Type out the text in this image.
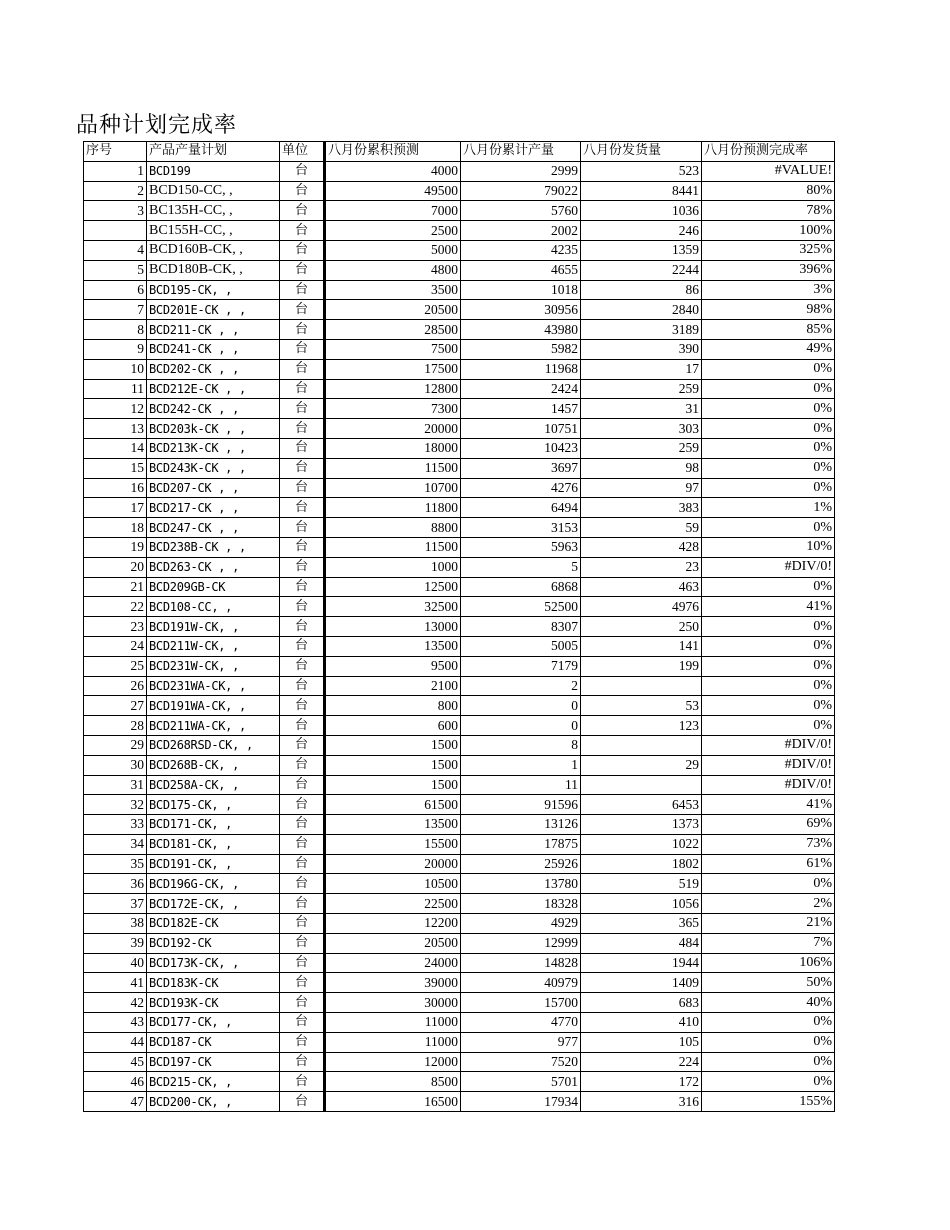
品种计划完成率
序号	产品产量计划	单位	八月份累积预测	八月份累计产量	八月份发货量	八月份预测完成率
1	BCD199	台	4000	2999	523	#VALUE!
2	BCD150-CC, ,	台	49500	79022	8441	80%
3	BC135H-CC, ,	台	7000	5760	1036	78%
	BC155H-CC, ,	台	2500	2002	246	100%
4	BCD160B-CK, ,	台	5000	4235	1359	325%
5	BCD180B-CK, ,	台	4800	4655	2244	396%
6	BCD195-CK, ,	台	3500	1018	86	3%
7	BCD201E-CK , ,	台	20500	30956	2840	98%
8	BCD211-CK , ,	台	28500	43980	3189	85%
9	BCD241-CK , ,	台	7500	5982	390	49%
10	BCD202-CK , ,	台	17500	11968	17	0%
11	BCD212E-CK , ,	台	12800	2424	259	0%
12	BCD242-CK , ,	台	7300	1457	31	0%
13	BCD203k-CK , ,	台	20000	10751	303	0%
14	BCD213K-CK , ,	台	18000	10423	259	0%
15	BCD243K-CK , ,	台	11500	3697	98	0%
16	BCD207-CK , ,	台	10700	4276	97	0%
17	BCD217-CK , ,	台	11800	6494	383	1%
18	BCD247-CK , ,	台	8800	3153	59	0%
19	BCD238B-CK , ,	台	11500	5963	428	10%
20	BCD263-CK , ,	台	1000	5	23	#DIV/0!
21	BCD209GB-CK	台	12500	6868	463	0%
22	BCD108-CC, ,	台	32500	52500	4976	41%
23	BCD191W-CK, ,	台	13000	8307	250	0%
24	BCD211W-CK, ,	台	13500	5005	141	0%
25	BCD231W-CK, ,	台	9500	7179	199	0%
26	BCD231WA-CK, ,	台	2100	2		0%
27	BCD191WA-CK, ,	台	800	0	53	0%
28	BCD211WA-CK, ,	台	600	0	123	0%
29	BCD268RSD-CK, ,	台	1500	8		#DIV/0!
30	BCD268B-CK, ,	台	1500	1	29	#DIV/0!
31	BCD258A-CK, ,	台	1500	11		#DIV/0!
32	BCD175-CK, ,	台	61500	91596	6453	41%
33	BCD171-CK, ,	台	13500	13126	1373	69%
34	BCD181-CK, ,	台	15500	17875	1022	73%
35	BCD191-CK, ,	台	20000	25926	1802	61%
36	BCD196G-CK, ,	台	10500	13780	519	0%
37	BCD172E-CK, ,	台	22500	18328	1056	2%
38	BCD182E-CK	台	12200	4929	365	21%
39	BCD192-CK	台	20500	12999	484	7%
40	BCD173K-CK, ,	台	24000	14828	1944	106%
41	BCD183K-CK	台	39000	40979	1409	50%
42	BCD193K-CK	台	30000	15700	683	40%
43	BCD177-CK, ,	台	11000	4770	410	0%
44	BCD187-CK	台	11000	977	105	0%
45	BCD197-CK	台	12000	7520	224	0%
46	BCD215-CK, ,	台	8500	5701	172	0%
47	BCD200-CK, ,	台	16500	17934	316	155%
